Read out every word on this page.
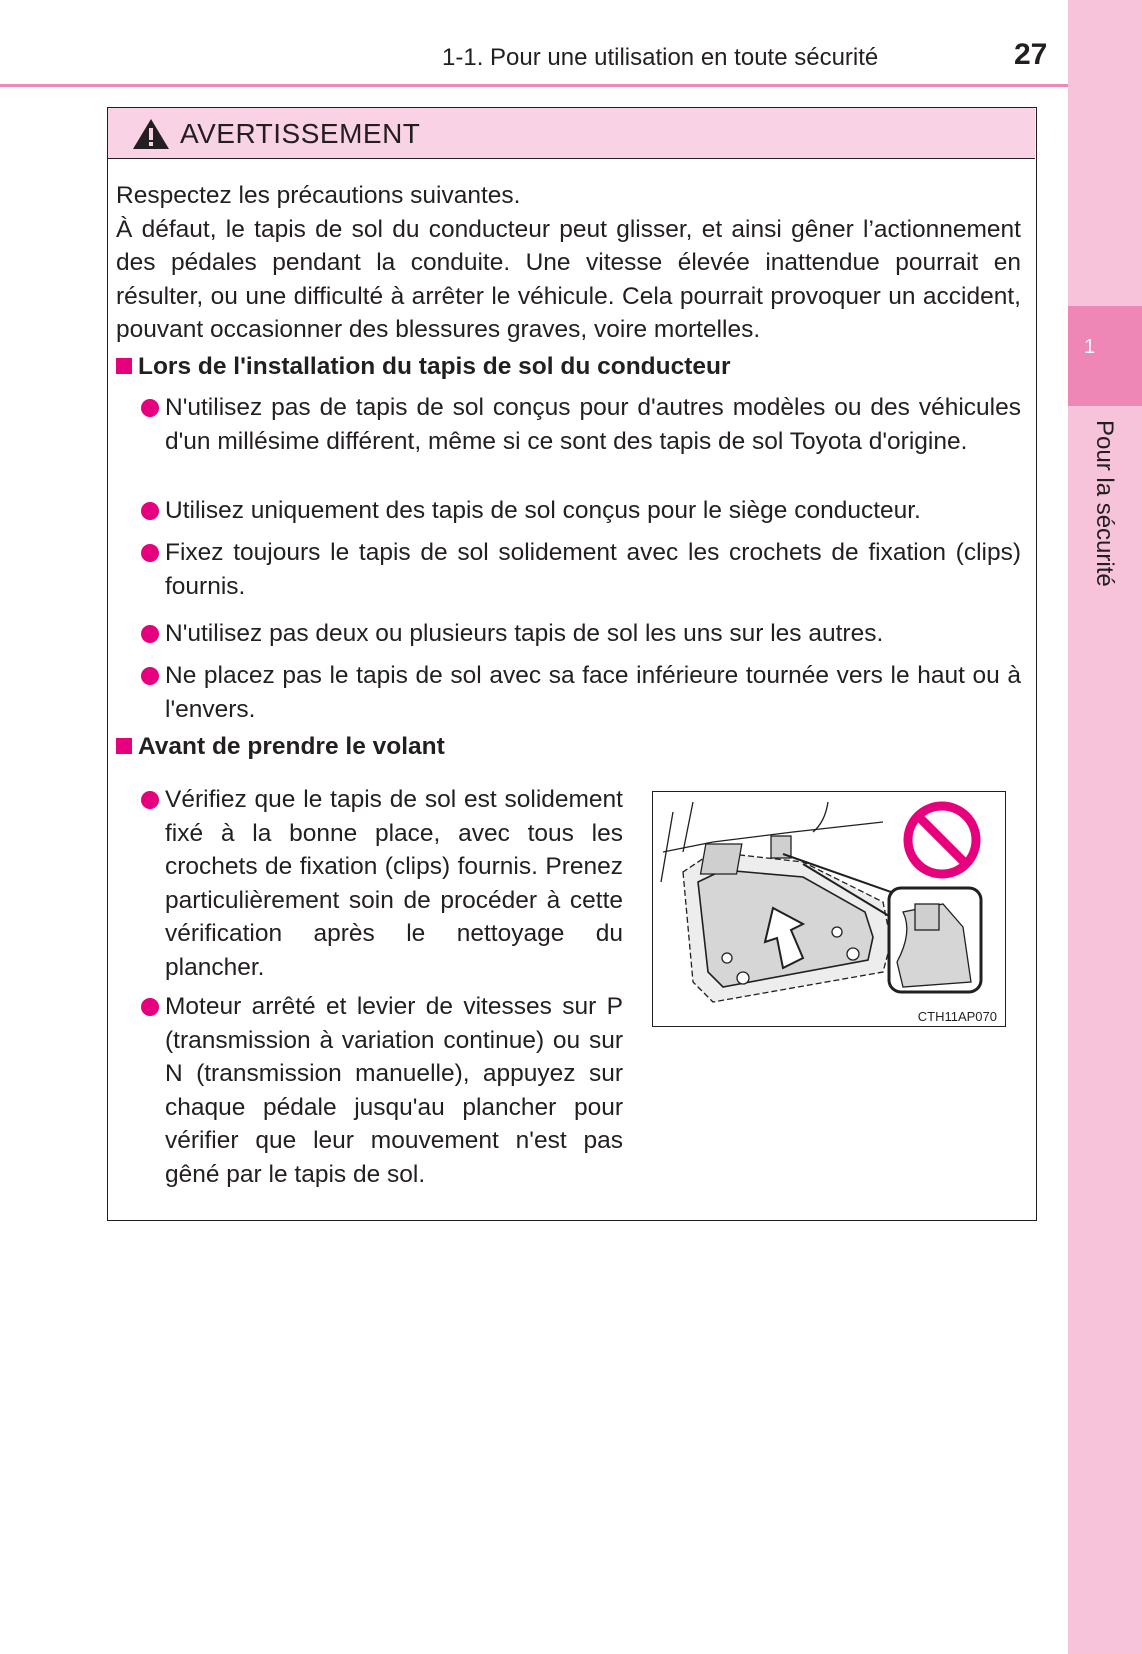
1
Pour la sécurité
1-1. Pour une utilisation en toute sécurité	27
AVERTISSEMENT
Respectez les précautions suivantes.
À défaut, le tapis de sol du conducteur peut glisser, et ainsi gêner l’actionnement des pédales pendant la conduite. Une vitesse élevée inattendue pourrait en résulter, ou une difficulté à arrêter le véhicule. Cela pourrait provoquer un accident, pouvant occasionner des blessures graves, voire mortelles.
Lors de l'installation du tapis de sol du conducteur
N'utilisez pas de tapis de sol conçus pour d'autres modèles ou des véhicules d'un millésime différent, même si ce sont des tapis de sol Toyota d'origine.
Utilisez uniquement des tapis de sol conçus pour le siège conducteur.
Fixez toujours le tapis de sol solidement avec les crochets de fixation (clips) fournis.
N'utilisez pas deux ou plusieurs tapis de sol les uns sur les autres.
Ne placez pas le tapis de sol avec sa face inférieure tournée vers le haut ou à l'envers.
Avant de prendre le volant
Vérifiez que le tapis de sol est solidement fixé à la bonne place, avec tous les crochets de fixation (clips) fournis. Prenez particulièrement soin de procéder à cette vérification après le nettoyage du plancher.
Moteur arrêté et levier de vitesses sur P (transmission à variation continue) ou sur N (transmission manuelle), appuyez sur chaque pédale jusqu'au plancher pour vérifier que leur mouvement n'est pas gêné par le tapis de sol.
CTH11AP070
